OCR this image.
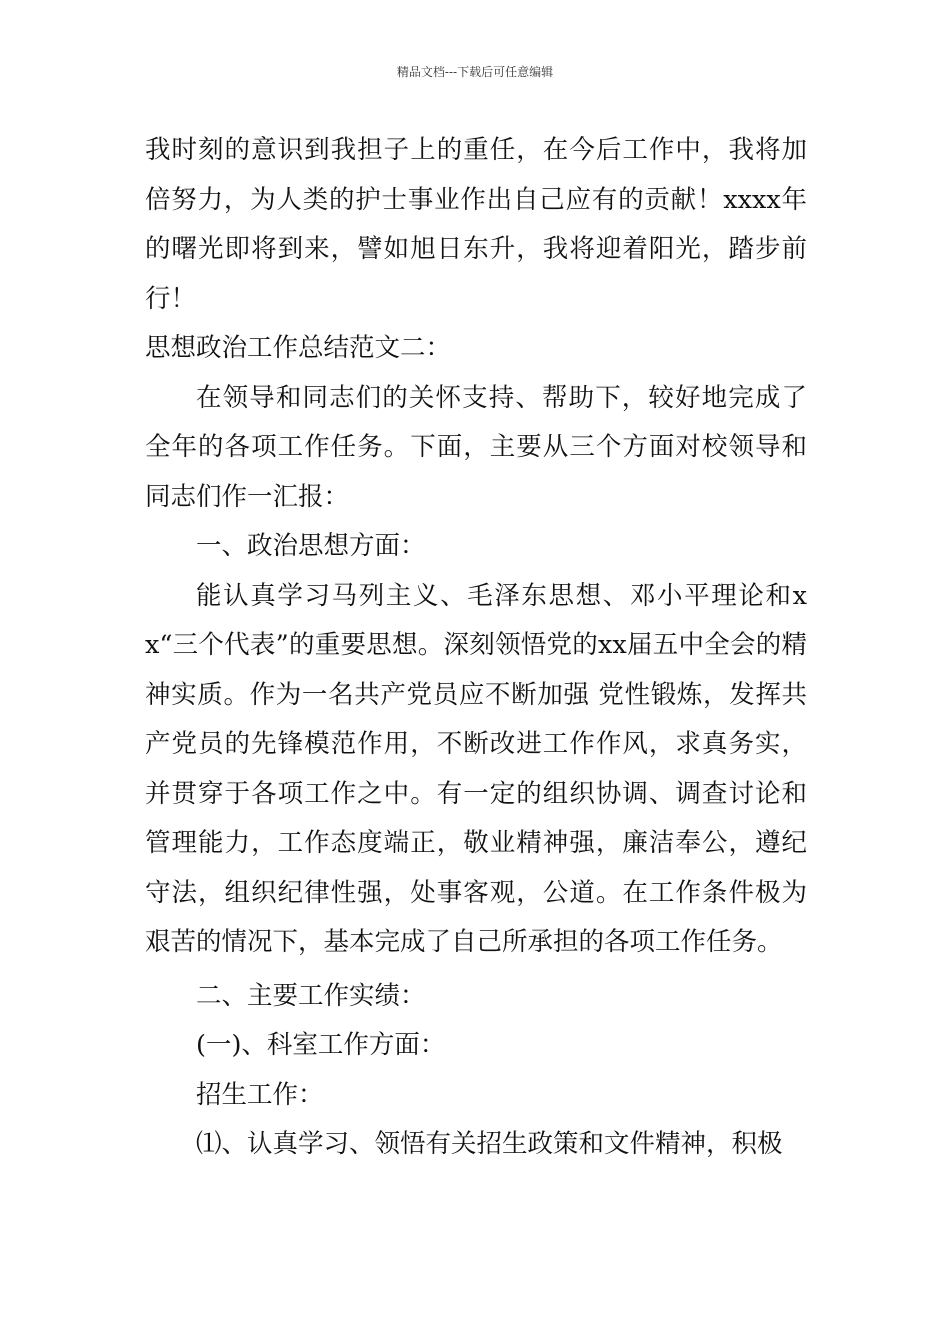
精品文档---下载后可任意编辑

我时刻的意识到我担子上的重任，在今后工作中，我将加倍努力，为人类的护士事业作出自己应有的贡献！xxxx年的曙光即将到来，譬如旭日东升，我将迎着阳光，踏步前行！

思想政治工作总结范文二：

在领导和同志们的关怀支持、帮助下，较好地完成了全年的各项工作任务。下面，主要从三个方面对校领导和同志们作一汇报：

一、政治思想方面：

能认真学习马列主义、毛泽东思想、邓小平理论和xx“三个代表”的重要思想。深刻领悟党的xx届五中全会的精神实质。作为一名共产党员应不断加强 党性锻炼，发挥共产党员的先锋模范作用，不断改进工作作风，求真务实，并贯穿于各项工作之中。有一定的组织协调、调查讨论和管理能力，工作态度端正，敬业精神强，廉洁奉公，遵纪守法，组织纪律性强，处事客观，公道。在工作条件极为艰苦的情况下，基本完成了自己所承担的各项工作任务。

二、主要工作实绩：

(一)、科室工作方面：

招生工作：

⑴、认真学习、领悟有关招生政策和文件精神，积极
